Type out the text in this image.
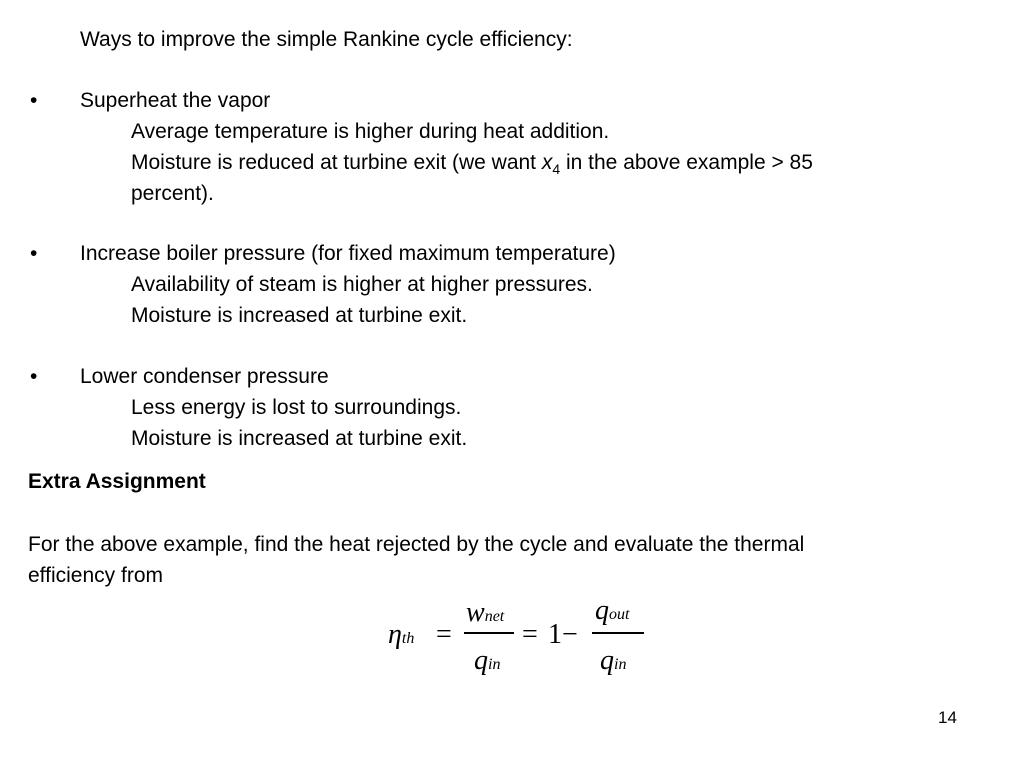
Ways to improve the simple Rankine cycle efficiency:
• Superheat the vapor
Average temperature is higher during heat addition.
Moisture is reduced at turbine exit (we want $x_4$ in the above example > 85
percent).
• Increase boiler pressure (for fixed maximum temperature)
Availability of steam is higher at higher pressures.
Moisture is increased at turbine exit.
• Lower condenser pressure
Less energy is lost to surroundings.
Moisture is increased at turbine exit.
Extra Assignment
For the above example, find the heat rejected by the cycle and evaluate the thermal
efficiency from
ηth =
wnet
qin
= 1−
qout
qin
14
